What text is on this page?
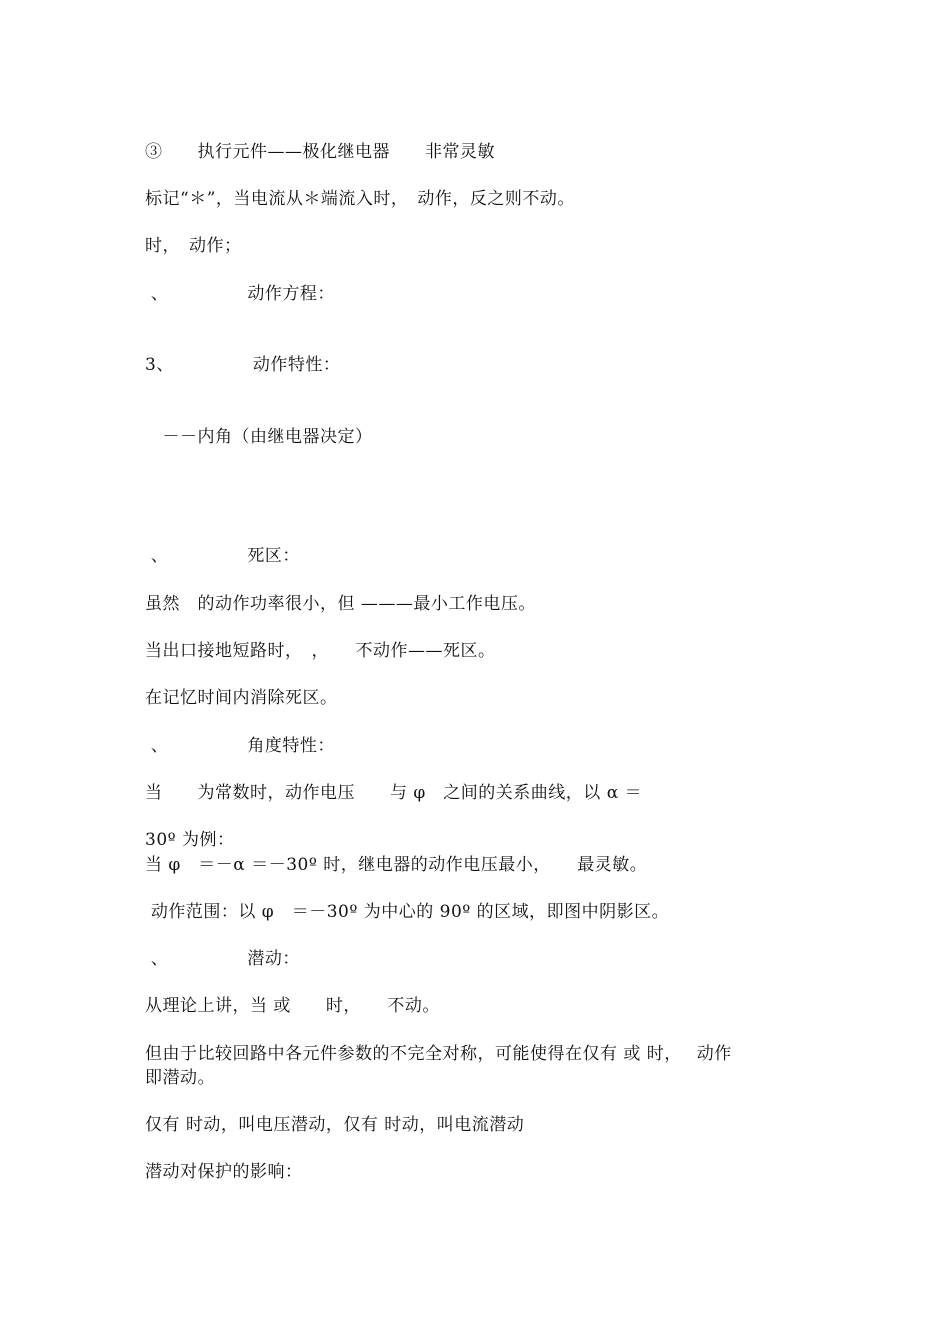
③　　执行元件——极化继电器　　非常灵敏
标记“＊”，当电流从＊端流入时，　动作，反之则不动。
时，　动作；
、　　　　　动作方程：
3、　　　　　动作特性：
　－－内角（由继电器决定）
、　　　　　死区：
虽然　的动作功率很小，但 ———最小工作电压。
当出口接地短路时，　，　　不动作——死区。
在记忆时间内消除死区。
、　　　　　角度特性：
当　　为常数时，动作电压　　与 φ　之间的关系曲线，以 α ＝
30º 为例：
当 φ　＝－α ＝－30º 时，继电器的动作电压最小，　　最灵敏。
动作范围：以 φ　＝－30º 为中心的 90º 的区域，即图中阴影区。
、　　　　　潜动：
从理论上讲，当 或　　时，　　不动。
但由于比较回路中各元件参数的不完全对称，可能使得在仅有 或 时，　 动作
即潜动。
仅有 时动，叫电压潜动，仅有 时动，叫电流潜动
潜动对保护的影响：
